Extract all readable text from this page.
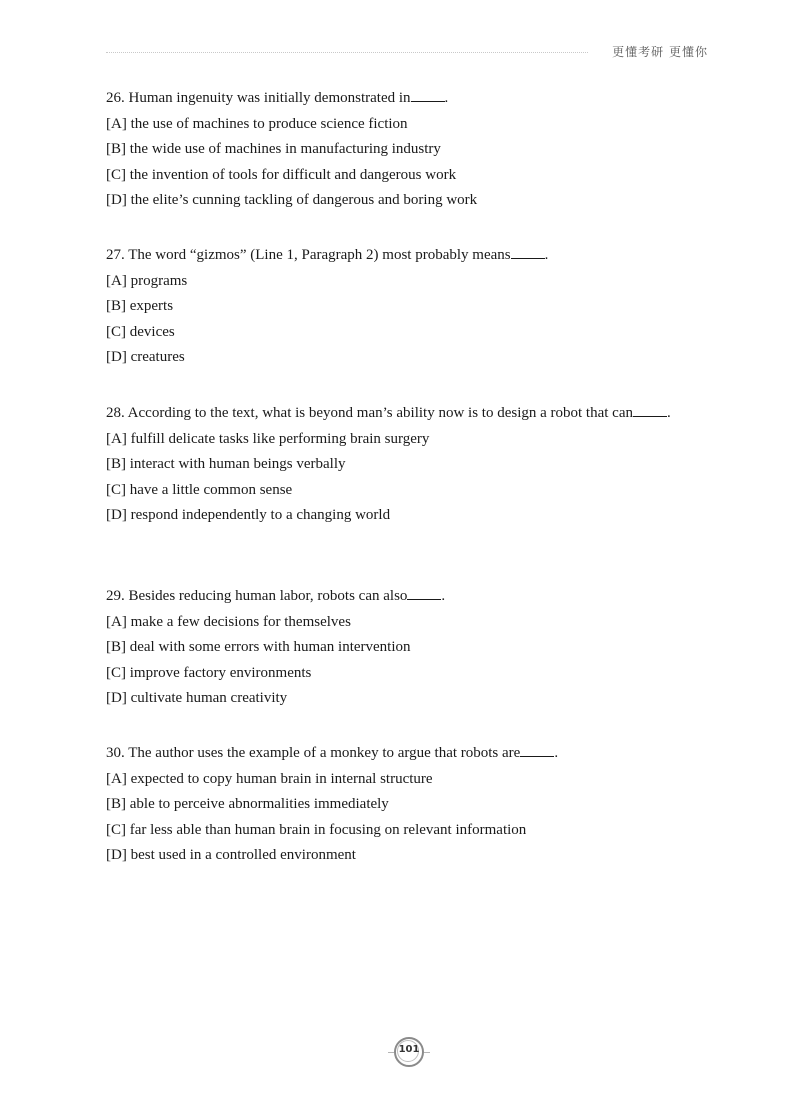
更懂考研 更懂你

26. Human ingenuity was initially demonstrated in .

[A] the use of machines to produce science fiction

[B] the wide use of machines in manufacturing industry

[C] the invention of tools for difficult and dangerous work

[D] the elite’s cunning tackling of dangerous and boring work

27. The word “gizmos” (Line 1, Paragraph 2) most probably means .

[A] programs

[B] experts

[C] devices

[D] creatures

28. According to the text, what is beyond man’s ability now is to design a robot that can .

[A] fulfill delicate tasks like performing brain surgery

[B] interact with human beings verbally

[C] have a little common sense

[D] respond independently to a changing world

29. Besides reducing human labor, robots can also .

[A] make a few decisions for themselves

[B] deal with some errors with human intervention

[C] improve factory environments

[D] cultivate human creativity

30. The author uses the example of a monkey to argue that robots are .

[A] expected to copy human brain in internal structure

[B] able to perceive abnormalities immediately

[C] far less able than human brain in focusing on relevant information

[D] best used in a controlled environment

101
